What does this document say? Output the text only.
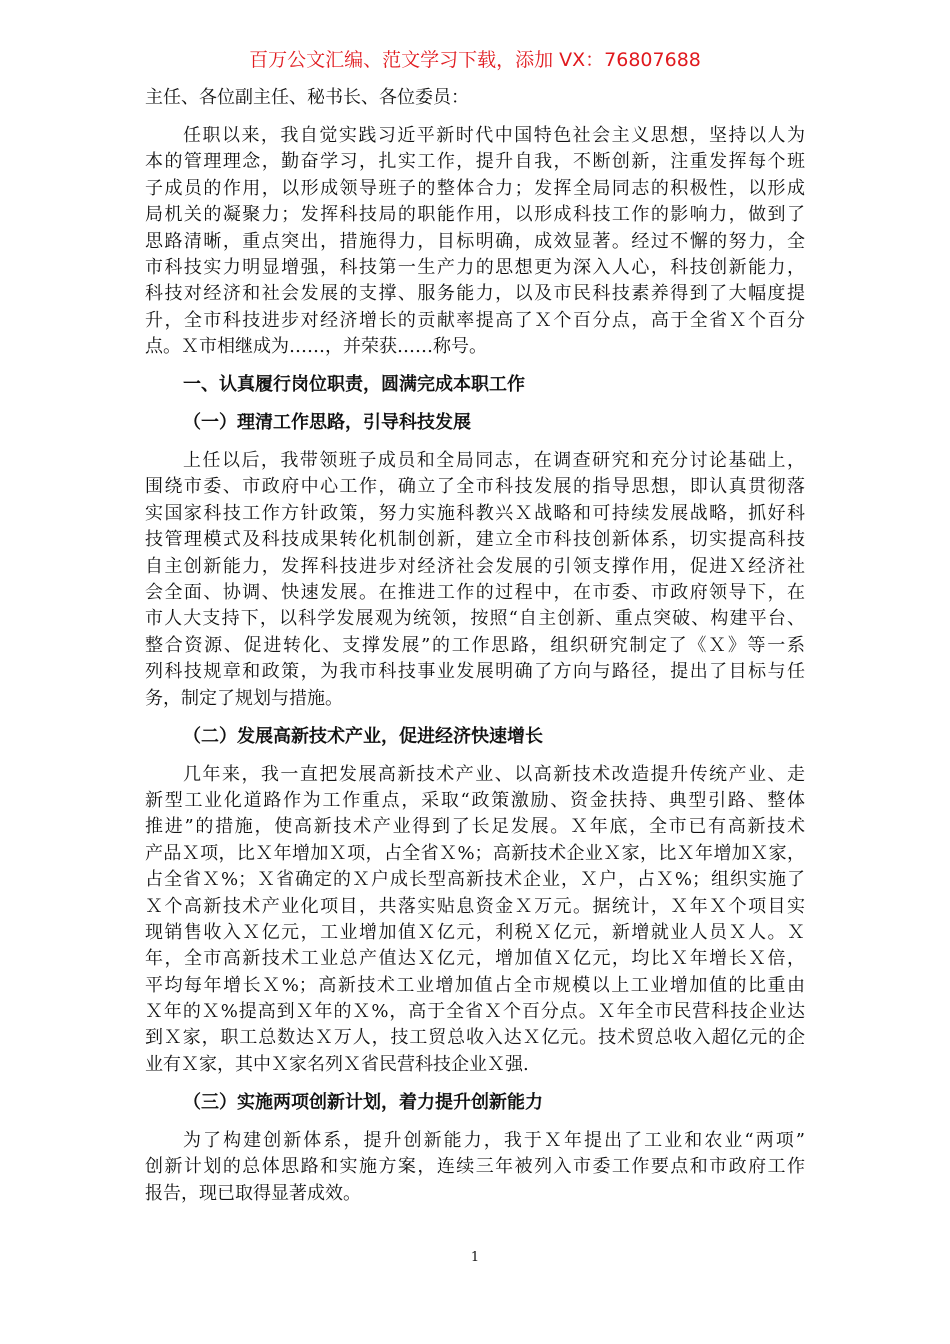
百万公文汇编、范文学习下载，添加 VX：76807688
主任、各位副主任、秘书长、各位委员：
任职以来，我自觉实践习近平新时代中国特色社会主义思想，坚持以人为
本的管理理念，勤奋学习，扎实工作，提升自我，不断创新，注重发挥每个班
子成员的作用，以形成领导班子的整体合力；发挥全局同志的积极性，以形成
局机关的凝聚力；发挥科技局的职能作用，以形成科技工作的影响力，做到了
思路清晰，重点突出，措施得力，目标明确，成效显著。经过不懈的努力，全
市科技实力明显增强，科技第一生产力的思想更为深入人心，科技创新能力，
科技对经济和社会发展的支撑、服务能力，以及市民科技素养得到了大幅度提
升，全市科技进步对经济增长的贡献率提高了Ｘ个百分点，高于全省Ｘ个百分
点。Ｘ市相继成为……，并荣获……称号。
一、认真履行岗位职责，圆满完成本职工作
（一）理清工作思路，引导科技发展
上任以后，我带领班子成员和全局同志，在调查研究和充分讨论基础上，
围绕市委、市政府中心工作，确立了全市科技发展的指导思想，即认真贯彻落
实国家科技工作方针政策，努力实施科教兴Ｘ战略和可持续发展战略，抓好科
技管理模式及科技成果转化机制创新，建立全市科技创新体系，切实提高科技
自主创新能力，发挥科技进步对经济社会发展的引领支撑作用，促进Ｘ经济社
会全面、协调、快速发展。在推进工作的过程中，在市委、市政府领导下，在
市人大支持下，以科学发展观为统领，按照“自主创新、重点突破、构建平台、
整合资源、促进转化、支撑发展”的工作思路，组织研究制定了《Ｘ》等一系
列科技规章和政策，为我市科技事业发展明确了方向与路径，提出了目标与任
务，制定了规划与措施。
（二）发展高新技术产业，促进经济快速增长
几年来，我一直把发展高新技术产业、以高新技术改造提升传统产业、走
新型工业化道路作为工作重点，采取“政策激励、资金扶持、典型引路、整体
推进”的措施，使高新技术产业得到了长足发展。Ｘ年底，全市已有高新技术
产品Ｘ项，比Ｘ年增加Ｘ项，占全省Ｘ%；高新技术企业Ｘ家，比Ｘ年增加Ｘ家，
占全省Ｘ%；Ｘ省确定的Ｘ户成长型高新技术企业，Ｘ户，占Ｘ%；组织实施了
Ｘ个高新技术产业化项目，共落实贴息资金Ｘ万元。据统计，Ｘ年Ｘ个项目实
现销售收入Ｘ亿元，工业增加值Ｘ亿元，利税Ｘ亿元，新增就业人员Ｘ人。Ｘ
年，全市高新技术工业总产值达Ｘ亿元，增加值Ｘ亿元，均比Ｘ年增长Ｘ倍，
平均每年增长Ｘ%；高新技术工业增加值占全市规模以上工业增加值的比重由
Ｘ年的Ｘ%提高到Ｘ年的Ｘ%，高于全省Ｘ个百分点。Ｘ年全市民营科技企业达
到Ｘ家，职工总数达Ｘ万人，技工贸总收入达Ｘ亿元。技术贸总收入超亿元的企
业有Ｘ家，其中Ｘ家名列Ｘ省民营科技企业Ｘ强.
（三）实施两项创新计划，着力提升创新能力
为了构建创新体系，提升创新能力，我于Ｘ年提出了工业和农业“两项”
创新计划的总体思路和实施方案，连续三年被列入市委工作要点和市政府工作
报告，现已取得显著成效。
1
